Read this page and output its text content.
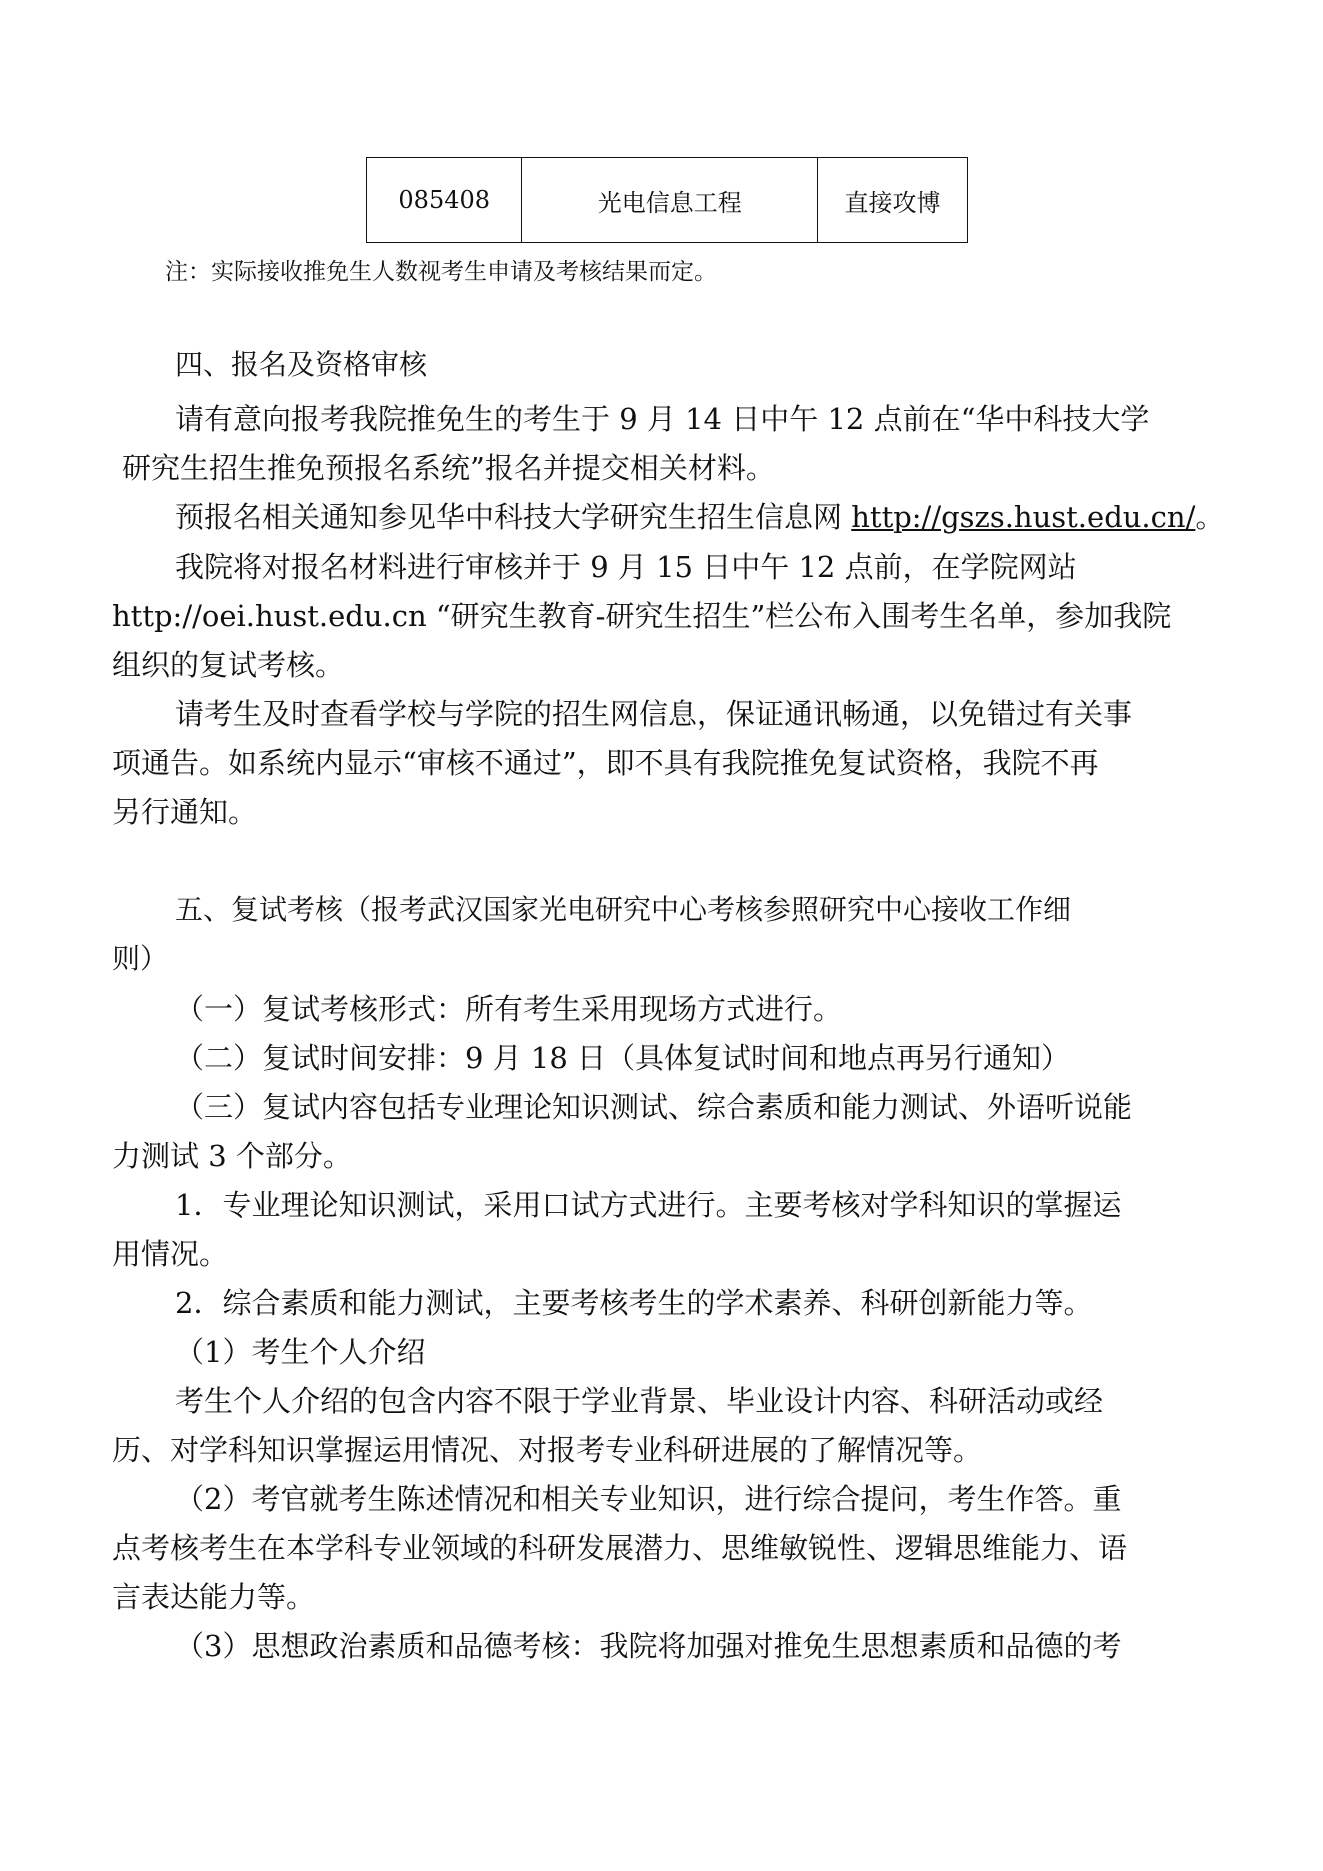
085408	光电信息工程	直接攻博
注：实际接收推免生人数视考生申请及考核结果而定。
四、报名及资格审核
请有意向报考我院推免生的考生于 9 月 14 日中午 12 点前在“华中科技大学
研究生招生推免预报名系统”报名并提交相关材料。
预报名相关通知参见华中科技大学研究生招生信息网 http://gszs.hust.edu.cn/。
我院将对报名材料进行审核并于 9 月 15 日中午 12 点前，在学院网站
http://oei.hust.edu.cn “研究生教育-研究生招生”栏公布入围考生名单，参加我院
组织的复试考核。
请考生及时查看学校与学院的招生网信息，保证通讯畅通，以免错过有关事
项通告。如系统内显示“审核不通过”，即不具有我院推免复试资格，我院不再
另行通知。
五、复试考核（报考武汉国家光电研究中心考核参照研究中心接收工作细
则）
（一）复试考核形式：所有考生采用现场方式进行。
（二）复试时间安排：9 月 18 日（具体复试时间和地点再另行通知）
（三）复试内容包括专业理论知识测试、综合素质和能力测试、外语听说能
力测试 3 个部分。
1．专业理论知识测试，采用口试方式进行。主要考核对学科知识的掌握运
用情况。
2．综合素质和能力测试，主要考核考生的学术素养、科研创新能力等。
（1）考生个人介绍
考生个人介绍的包含内容不限于学业背景、毕业设计内容、科研活动或经
历、对学科知识掌握运用情况、对报考专业科研进展的了解情况等。
（2）考官就考生陈述情况和相关专业知识，进行综合提问，考生作答。重
点考核考生在本学科专业领域的科研发展潜力、思维敏锐性、逻辑思维能力、语
言表达能力等。
（3）思想政治素质和品德考核：我院将加强对推免生思想素质和品德的考
